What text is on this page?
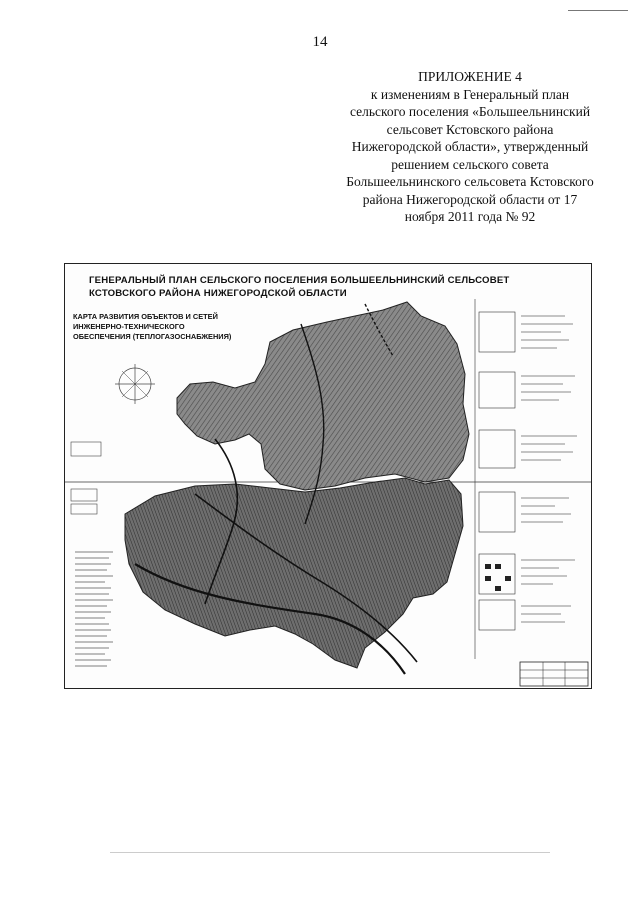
14
ПРИЛОЖЕНИЕ 4
к изменениям в Генеральный план
сельского поселения «Большеельнинский
сельсовет Кстовского района
Нижегородской области», утвержденный
решением сельского совета
Большеельнинского сельсовета Кстовского
района Нижегородской области от 17
ноября 2011 года № 92
ГЕНЕРАЛЬНЫЙ ПЛАН СЕЛЬСКОГО ПОСЕЛЕНИЯ БОЛЬШЕЕЛЬНИНСКИЙ СЕЛЬСОВЕТ
КСТОВСКОГО РАЙОНА НИЖЕГОРОДСКОЙ ОБЛАСТИ
КАРТА РАЗВИТИЯ ОБЪЕКТОВ И СЕТЕЙ
ИНЖЕНЕРНО-ТЕХНИЧЕСКОГО
ОБЕСПЕЧЕНИЯ (ТЕПЛОГАЗОСНАБЖЕНИЯ)
